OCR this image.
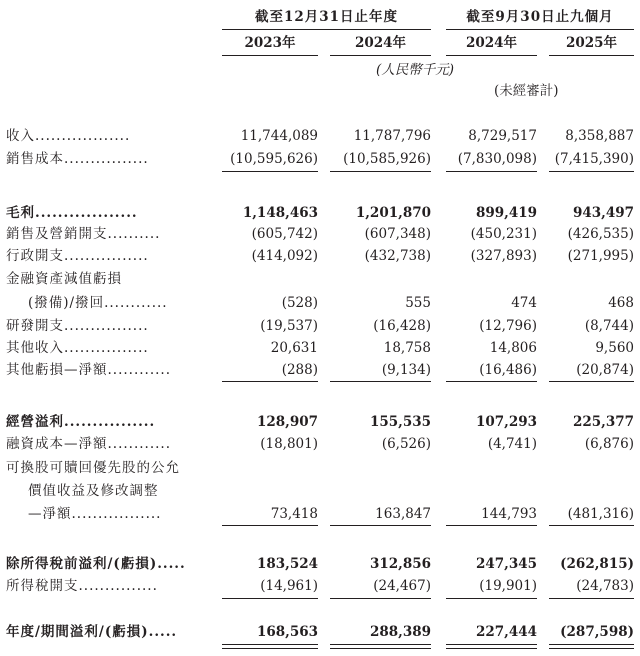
截至12月31日止年度	截至9月30日止九個月
2023年	2024年	2024年	2025年
(人民幣千元)
(未經審計)
收入..................	11,744,089	11,787,796	8,729,517	8,358,887
銷售成本................	(10,595,626)	(10,585,926)	(7,830,098)	(7,415,390)
毛利..................	1,148,463	1,201,870	899,419	943,497
銷售及營銷開支..........	(605,742)	(607,348)	(450,231)	(426,535)
行政開支................	(414,092)	(432,738)	(327,893)	(271,995)
金融資產減值虧損
(撥備)/撥回............	(528)	555	474	468
研發開支................	(19,537)	(16,428)	(12,796)	(8,744)
其他收入................	20,631	18,758	14,806	9,560
其他虧損—淨額............	(288)	(9,134)	(16,486)	(20,874)
經營溢利................	128,907	155,535	107,293	225,377
融資成本—淨額............	(18,801)	(6,526)	(4,741)	(6,876)
可換股可贖回優先股的公允
價值收益及修改調整
—淨額.................	73,418	163,847	144,793	(481,316)
除所得稅前溢利/(虧損).....	183,524	312,856	247,345	(262,815)
所得稅開支...............	(14,961)	(24,467)	(19,901)	(24,783)
年度/期間溢利/(虧損).....	168,563	288,389	227,444	(287,598)
